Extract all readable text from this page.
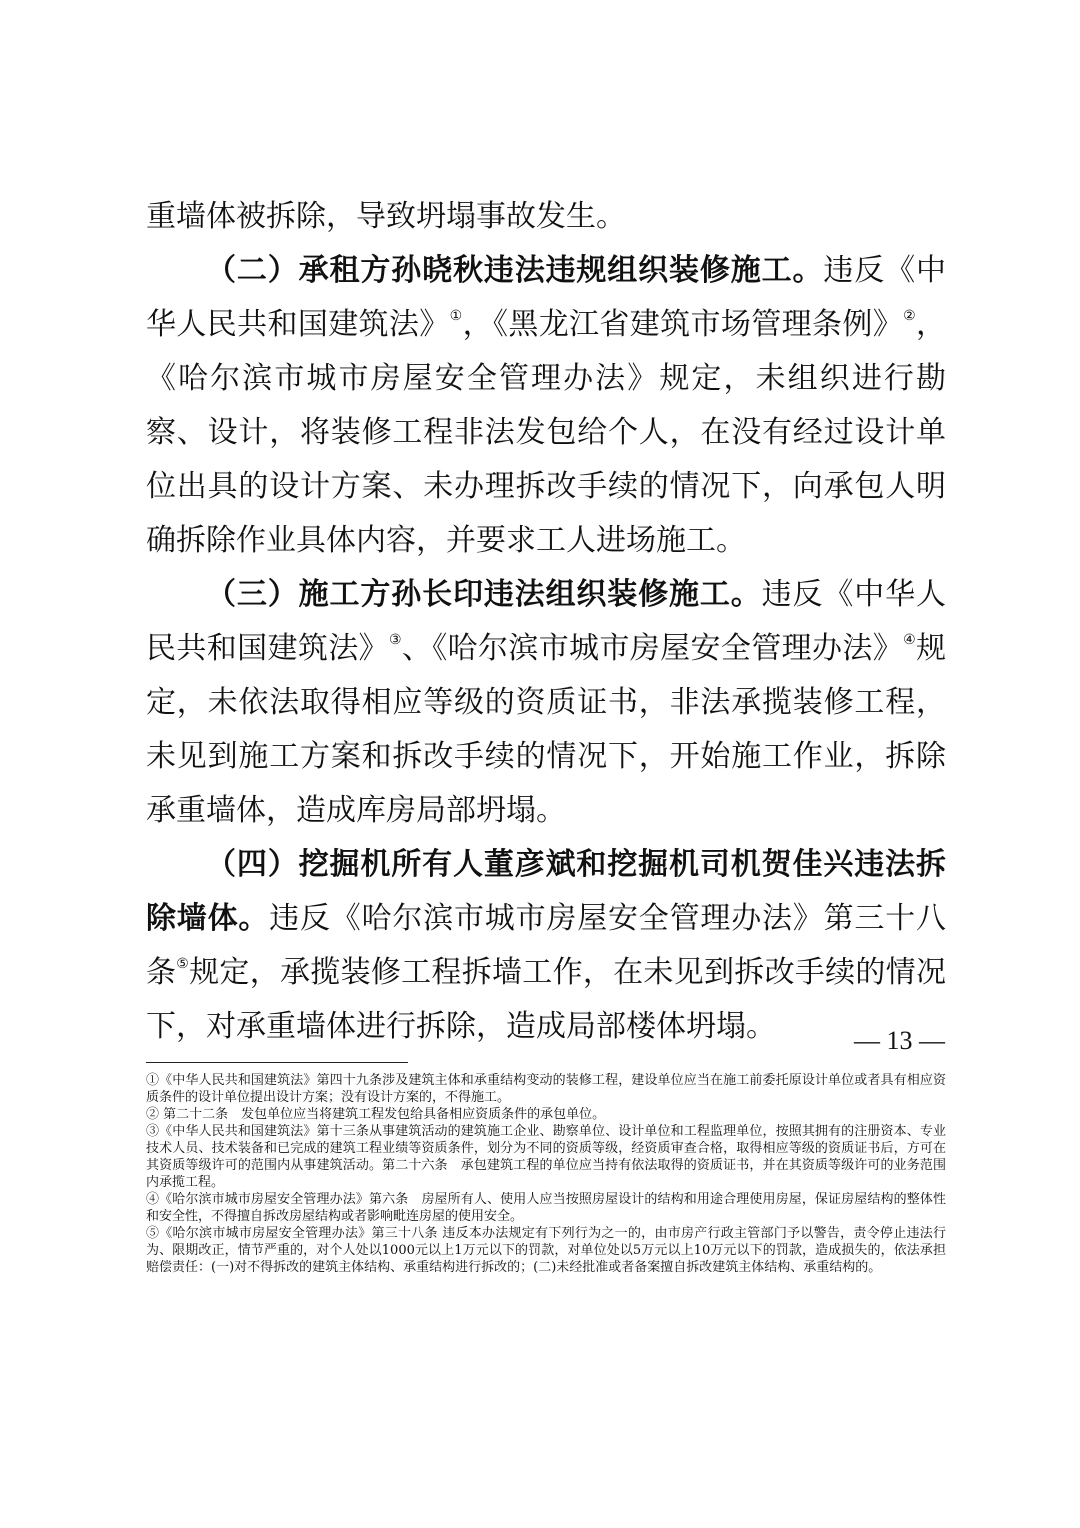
重墙体被拆除，导致坍塌事故发生。

（二）承租方孙晓秋违法违规组织装修施工。违反《中华人民共和国建筑法》①，《黑龙江省建筑市场管理条例》②，《哈尔滨市城市房屋安全管理办法》规定，未组织进行勘察、设计，将装修工程非法发包给个人，在没有经过设计单位出具的设计方案、未办理拆改手续的情况下，向承包人明确拆除作业具体内容，并要求工人进场施工。

（三）施工方孙长印违法组织装修施工。违反《中华人民共和国建筑法》③、《哈尔滨市城市房屋安全管理办法》④规定，未依法取得相应等级的资质证书，非法承揽装修工程，未见到施工方案和拆改手续的情况下，开始施工作业，拆除承重墙体，造成库房局部坍塌。

（四）挖掘机所有人董彦斌和挖掘机司机贺佳兴违法拆除墙体。违反《哈尔滨市城市房屋安全管理办法》第三十八条⑤规定，承揽装修工程拆墙工作，在未见到拆改手续的情况下，对承重墙体进行拆除，造成局部楼体坍塌。

①《中华人民共和国建筑法》第四十九条涉及建筑主体和承重结构变动的装修工程，建设单位应当在施工前委托原设计单位或者具有相应资质条件的设计单位提出设计方案；没有设计方案的，不得施工。

② 第二十二条　发包单位应当将建筑工程发包给具备相应资质条件的承包单位。

③《中华人民共和国建筑法》第十三条从事建筑活动的建筑施工企业、勘察单位、设计单位和工程监理单位，按照其拥有的注册资本、专业技术人员、技术装备和已完成的建筑工程业绩等资质条件，划分为不同的资质等级，经资质审查合格，取得相应等级的资质证书后，方可在其资质等级许可的范围内从事建筑活动。第二十六条　承包建筑工程的单位应当持有依法取得的资质证书，并在其资质等级许可的业务范围内承揽工程。

④《哈尔滨市城市房屋安全管理办法》第六条　房屋所有人、使用人应当按照房屋设计的结构和用途合理使用房屋，保证房屋结构的整体性和安全性，不得擅自拆改房屋结构或者影响毗连房屋的使用安全。

⑤《哈尔滨市城市房屋安全管理办法》第三十八条 违反本办法规定有下列行为之一的，由市房产行政主管部门予以警告，责令停止违法行为、限期改正，情节严重的，对个人处以1000元以上1万元以下的罚款，对单位处以5万元以上10万元以下的罚款，造成损失的，依法承担赔偿责任：(一)对不得拆改的建筑主体结构、承重结构进行拆改的；(二)未经批准或者备案擅自拆改建筑主体结构、承重结构的。

— 13 —
